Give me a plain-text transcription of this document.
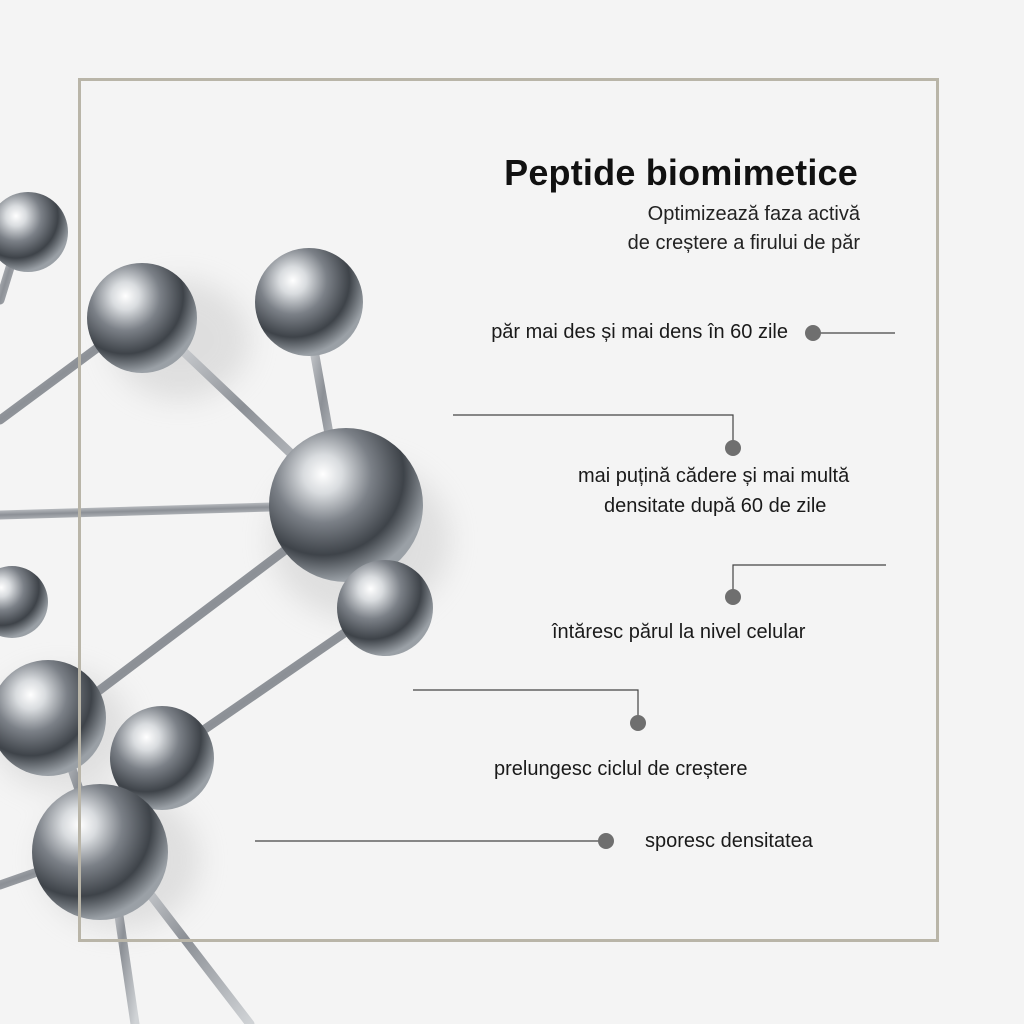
Peptide biomimetice
Optimizează faza activă
de creștere a firului de păr
păr mai des și mai dens în 60 zile
mai puțină cădere și mai multă
densitate după 60 de zile
întăresc părul la nivel celular
prelungesc ciclul de creștere
sporesc densitatea
